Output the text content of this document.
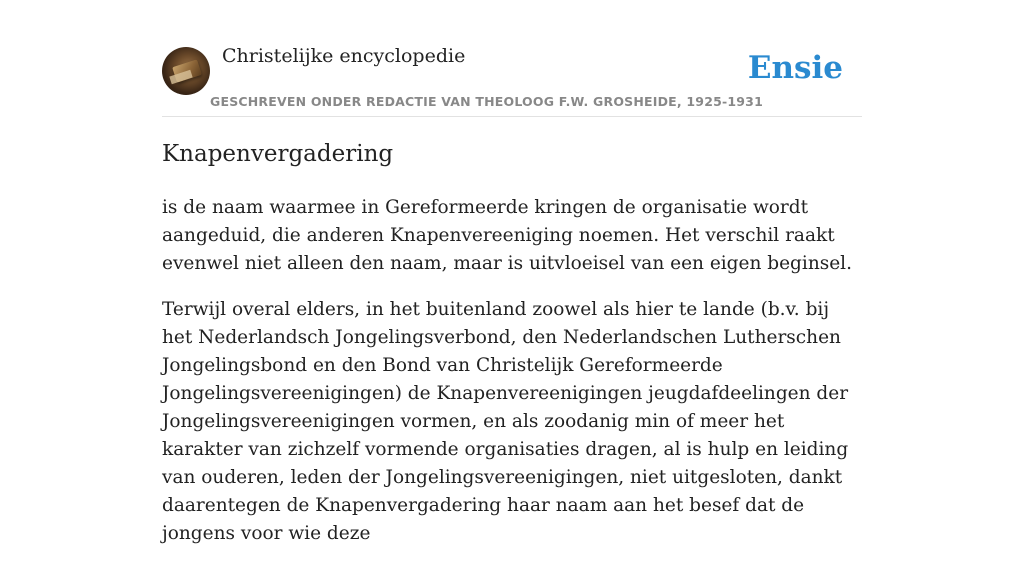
Christelijke encyclopedie
GESCHREVEN ONDER REDACTIE VAN THEOLOOG F.W. GROSHEIDE, 1925-1931
Ensie
Knapenvergadering

is de naam waarmee in Gereformeerde kringen de organisatie wordt aangeduid, die anderen Knapenvereeniging noemen. Het verschil raakt evenwel niet alleen den naam, maar is uitvloeisel van een eigen beginsel.

Terwijl overal elders, in het buitenland zoowel als hier te lande (b.v. bij het Nederlandsch Jongelingsverbond, den Nederlandschen Lutherschen Jongelingsbond en den Bond van Christelijk Gereformeerde Jongelingsvereenigingen) de Knapenvereenigingen jeugdafdeelingen der Jongelingsvereenigingen vormen, en als zoodanig min of meer het karakter van zichzelf vormende organisaties dragen, al is hulp en leiding van ouderen, leden der Jongelingsvereenigingen, niet uitgesloten, dankt daarentegen de Knapenvergadering haar naam aan het besef dat de jongens voor wie deze
